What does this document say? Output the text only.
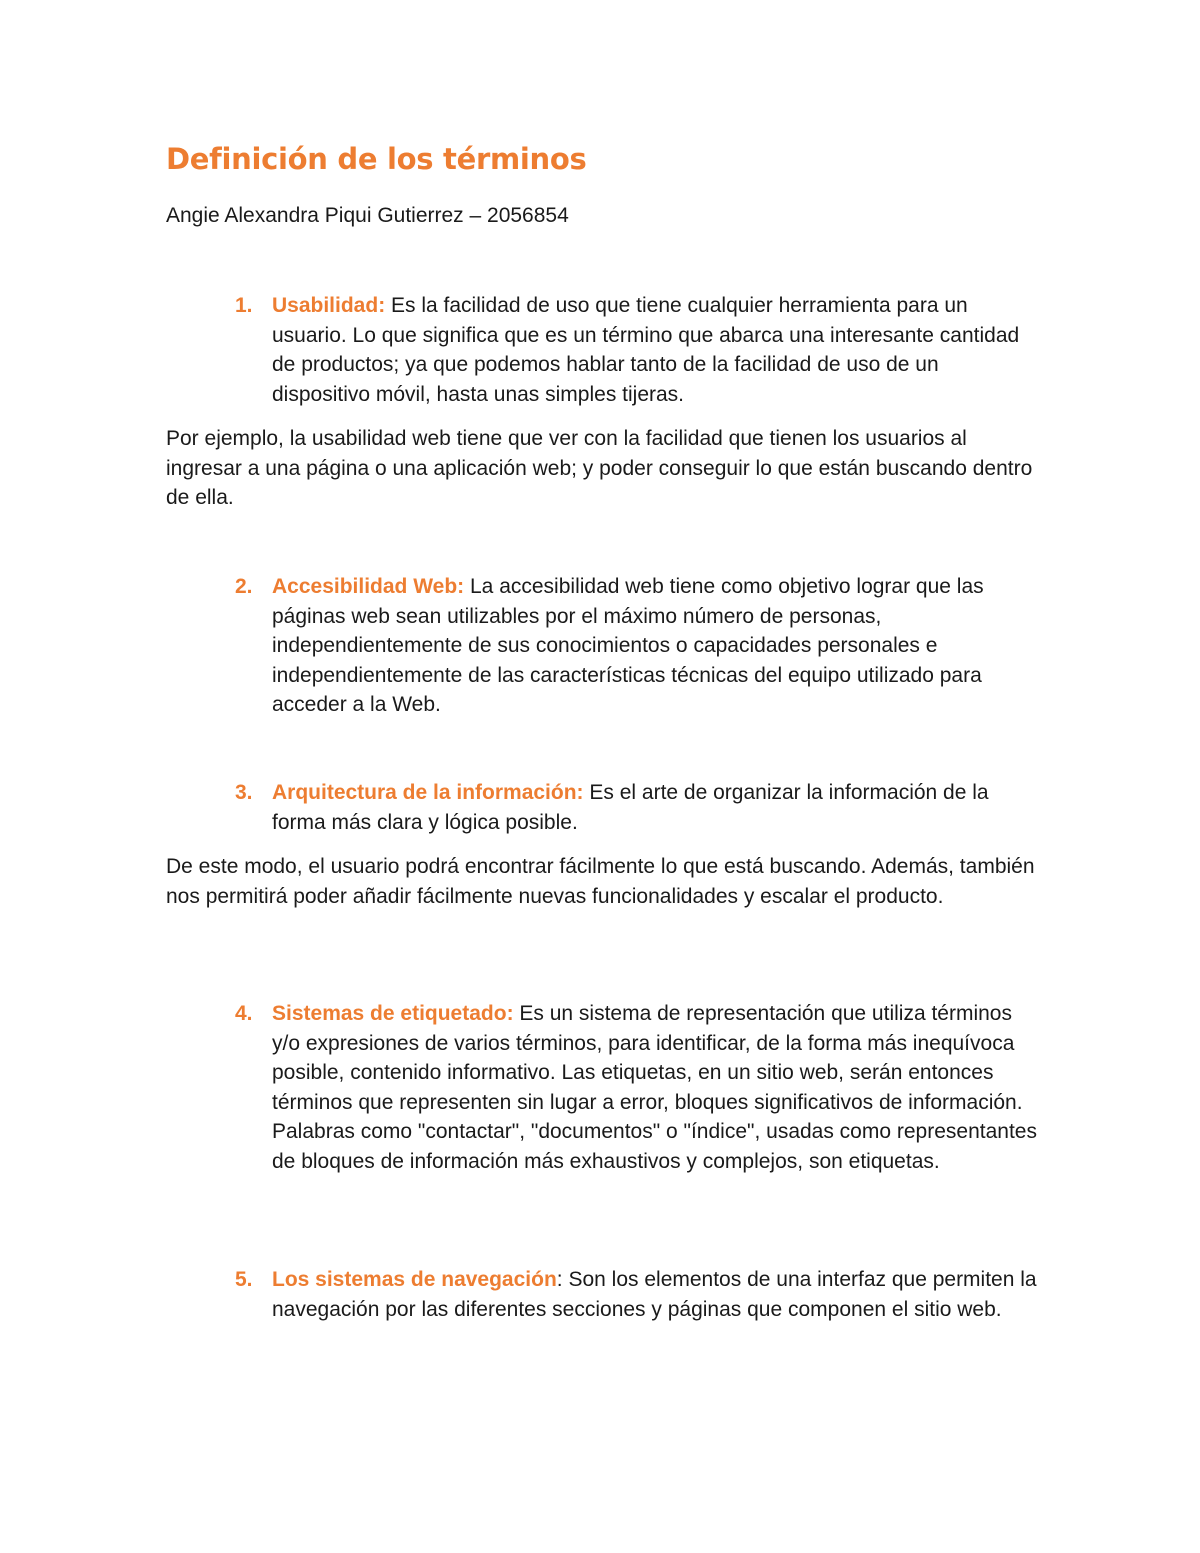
Definición de los términos

Angie Alexandra Piqui Gutierrez – 2056854

1. Usabilidad: Es la facilidad de uso que tiene cualquier herramienta para un usuario. Lo que significa que es un término que abarca una interesante cantidad de productos; ya que podemos hablar tanto de la facilidad de uso de un dispositivo móvil, hasta unas simples tijeras.

Por ejemplo, la usabilidad web tiene que ver con la facilidad que tienen los usuarios al ingresar a una página o una aplicación web; y poder conseguir lo que están buscando dentro de ella.

2. Accesibilidad Web: La accesibilidad web tiene como objetivo lograr que las páginas web sean utilizables por el máximo número de personas, independientemente de sus conocimientos o capacidades personales e independientemente de las características técnicas del equipo utilizado para acceder a la Web.

3. Arquitectura de la información: Es el arte de organizar la información de la forma más clara y lógica posible.

De este modo, el usuario podrá encontrar fácilmente lo que está buscando. Además, también nos permitirá poder añadir fácilmente nuevas funcionalidades y escalar el producto.

4. Sistemas de etiquetado: Es un sistema de representación que utiliza términos y/o expresiones de varios términos, para identificar, de la forma más inequívoca posible, contenido informativo. Las etiquetas, en un sitio web, serán entonces términos que representen sin lugar a error, bloques significativos de información. Palabras como "contactar", "documentos" o "índice", usadas como representantes de bloques de información más exhaustivos y complejos, son etiquetas.

5. Los sistemas de navegación: Son los elementos de una interfaz que permiten la navegación por las diferentes secciones y páginas que componen el sitio web.
